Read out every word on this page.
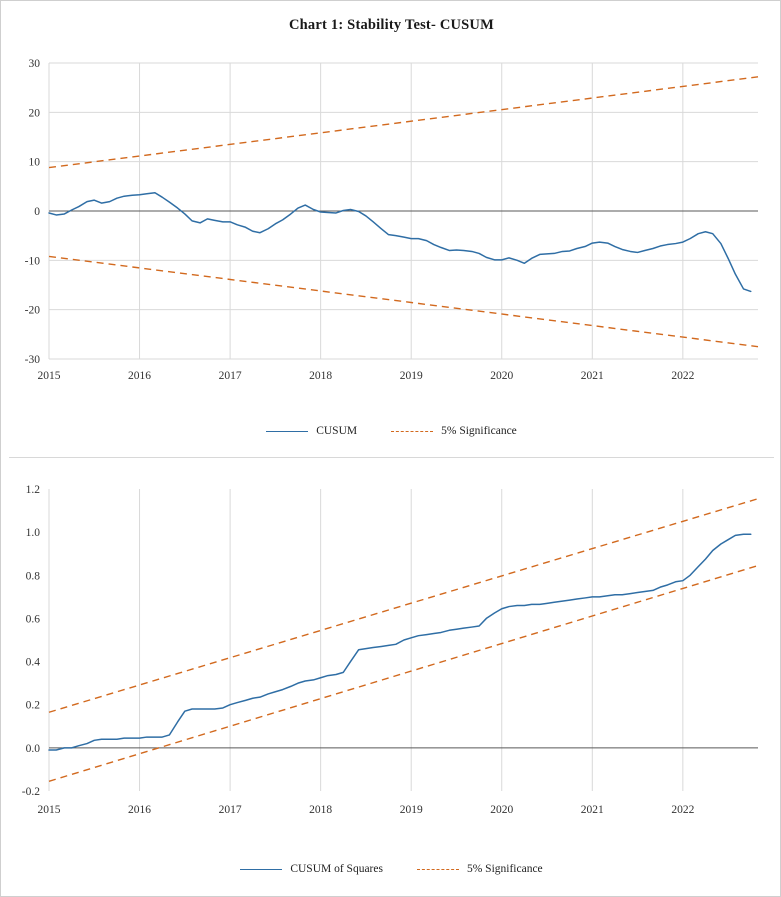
Chart 1: Stability Test- CUSUM
-30
-20
-10
0
10
20
30
2015	2016	2017	2018	2019	2020	2021	2022
CUSUM	5% Significance
-0.2
0.0
0.2
0.4
0.6
0.8
1.0
1.2
2015	2016	2017	2018	2019	2020	2021	2022
CUSUM of Squares	5% Significance
